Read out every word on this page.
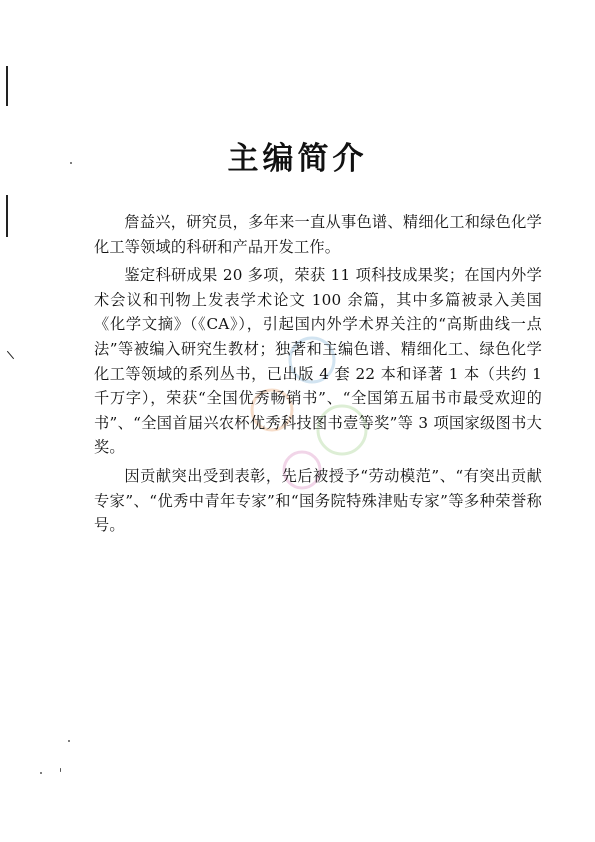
主编简介

詹益兴，研究员，多年来一直从事色谱、精细化工和绿色化学化工等领域的科研和产品开发工作。

鉴定科研成果 20 多项，荣获 11 项科技成果奖；在国内外学术会议和刊物上发表学术论文 100 余篇，其中多篇被录入美国《化学文摘》（《CA》），引起国内外学术界关注的“高斯曲线一点法”等被编入研究生教材；独著和主编色谱、精细化工、绿色化学化工等领域的系列丛书，已出版 4 套 22 本和译著 1 本（共约 1 千万字），荣获“全国优秀畅销书”、“全国第五届书市最受欢迎的书”、“全国首届兴农杯优秀科技图书壹等奖”等 3 项国家级图书大奖。

因贡献突出受到表彰，先后被授予“劳动模范”、“有突出贡献专家”、“优秀中青年专家”和“国务院特殊津贴专家”等多种荣誉称号。
